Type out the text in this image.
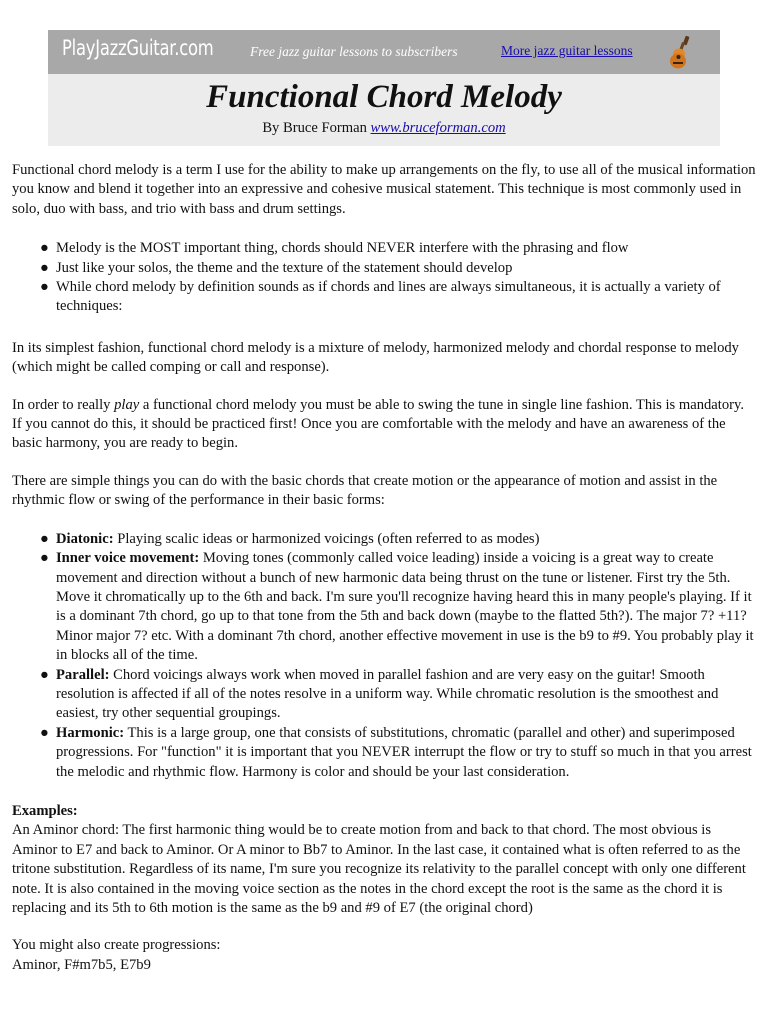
PlayJazzGuitar.com	Free jazz guitar lessons to subscribers	More jazz guitar lessons
Functional Chord Melody
By Bruce Forman www.bruceforman.com

Functional chord melody is a term I use for the ability to make up arrangements on the fly, to use all of the musical information you know and blend it together into an expressive and cohesive musical statement. This technique is most commonly used in solo, duo with bass, and trio with bass and drum settings.

● Melody is the MOST important thing, chords should NEVER interfere with the phrasing and flow
● Just like your solos, the theme and the texture of the statement should develop
● While chord melody by definition sounds as if chords and lines are always simultaneous, it is actually a variety of techniques:

In its simplest fashion, functional chord melody is a mixture of melody, harmonized melody and chordal response to melody (which might be called comping or call and response).

In order to really play a functional chord melody you must be able to swing the tune in single line fashion. This is mandatory. If you cannot do this, it should be practiced first! Once you are comfortable with the melody and have an awareness of the basic harmony, you are ready to begin.

There are simple things you can do with the basic chords that create motion or the appearance of motion and assist in the rhythmic flow or swing of the performance in their basic forms:

● Diatonic: Playing scalic ideas or harmonized voicings (often referred to as modes)
● Inner voice movement: Moving tones (commonly called voice leading) inside a voicing is a great way to create movement and direction without a bunch of new harmonic data being thrust on the tune or listener. First try the 5th. Move it chromatically up to the 6th and back. I'm sure you'll recognize having heard this in many people's playing. If it is a dominant 7th chord, go up to that tone from the 5th and back down (maybe to the flatted 5th?). The major 7? +11? Minor major 7? etc. With a dominant 7th chord, another effective movement in use is the b9 to #9. You probably play it in blocks all of the time.
● Parallel: Chord voicings always work when moved in parallel fashion and are very easy on the guitar! Smooth resolution is affected if all of the notes resolve in a uniform way. While chromatic resolution is the smoothest and easiest, try other sequential groupings.
● Harmonic: This is a large group, one that consists of substitutions, chromatic (parallel and other) and superimposed progressions. For "function" it is important that you NEVER interrupt the flow or try to stuff so much in that you arrest the melodic and rhythmic flow. Harmony is color and should be your last consideration.

Examples:

An Aminor chord: The first harmonic thing would be to create motion from and back to that chord. The most obvious is Aminor to E7 and back to Aminor. Or A minor to Bb7 to Aminor. In the last case, it contained what is often referred to as the tritone substitution. Regardless of its name, I'm sure you recognize its relativity to the parallel concept with only one different note. It is also contained in the moving voice section as the notes in the chord except the root is the same as the chord it is replacing and its 5th to 6th motion is the same as the b9 and #9 of E7 (the original chord)

You might also create progressions:

Aminor, F#m7b5, E7b9
